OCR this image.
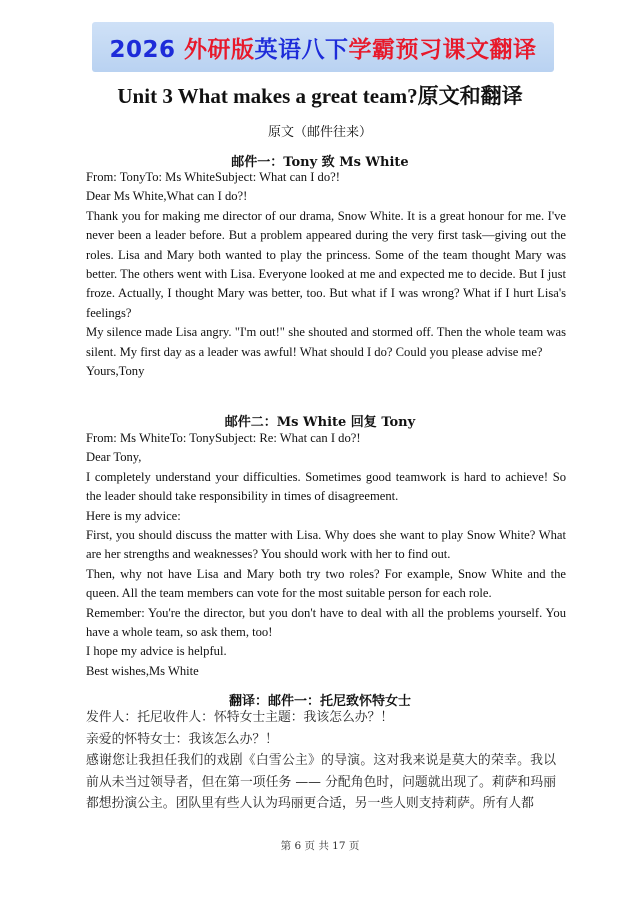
2026 外研版英语八下学霸预习课文翻译
Unit 3 What makes a great team?原文和翻译
原文（邮件往来）
邮件一：Tony 致 Ms White

From: TonyTo: Ms WhiteSubject: What can I do?!

Dear Ms White,What can I do?!

Thank you for making me director of our drama, Snow White. It is a great honour for me. I've never been a leader before. But a problem appeared during the very first task—giving out the roles. Lisa and Mary both wanted to play the princess. Some of the team thought Mary was better. The others went with Lisa. Everyone looked at me and expected me to decide. But I just froze. Actually, I thought Mary was better, too. But what if I was wrong? What if I hurt Lisa's feelings?

My silence made Lisa angry. "I'm out!" she shouted and stormed off. Then the whole team was silent. My first day as a leader was awful! What should I do? Could you please advise me?

Yours,Tony

邮件二：Ms White 回复 Tony

From: Ms WhiteTo: TonySubject: Re: What can I do?!

Dear Tony,

I completely understand your difficulties. Sometimes good teamwork is hard to achieve! So the leader should take responsibility in times of disagreement.

Here is my advice:

First, you should discuss the matter with Lisa. Why does she want to play Snow White? What are her strengths and weaknesses? You should work with her to find out.

Then, why not have Lisa and Mary both try two roles? For example, Snow White and the queen. All the team members can vote for the most suitable person for each role.

Remember: You're the director, but you don't have to deal with all the problems yourself. You have a whole team, so ask them, too!

I hope my advice is helpful.

Best wishes,Ms White

翻译：邮件一：托尼致怀特女士

发件人：托尼收件人：怀特女士主题：我该怎么办？！

亲爱的怀特女士：我该怎么办？！

感谢您让我担任我们的戏剧《白雪公主》的导演。这对我来说是莫大的荣幸。我以前从未当过领导者，但在第一项任务 —— 分配角色时，问题就出现了。莉萨和玛丽都想扮演公主。团队里有些人认为玛丽更合适，另一些人则支持莉萨。所有人都

第 6 页 共 17 页
